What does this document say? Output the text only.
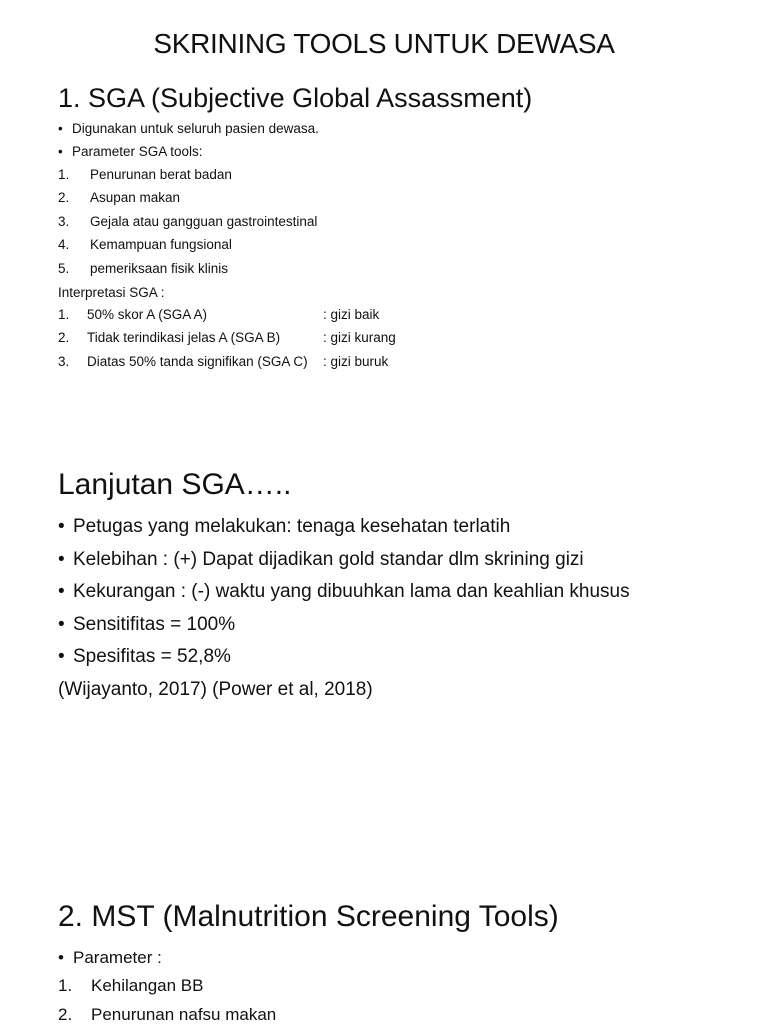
SKRINING TOOLS UNTUK DEWASA
1. SGA (Subjective Global Assassment)
• Digunakan untuk seluruh pasien dewasa.
• Parameter SGA tools:
1. Penurunan berat badan
2. Asupan makan
3. Gejala atau gangguan gastrointestinal
4. Kemampuan fungsional
5. pemeriksaan fisik klinis
Interpretasi SGA :
1. 50% skor A (SGA A)	: gizi baik
2. Tidak terindikasi jelas A (SGA B)	: gizi kurang
3. Diatas 50% tanda signifikan (SGA C) : gizi buruk
Lanjutan SGA…..
• Petugas yang melakukan: tenaga kesehatan terlatih
• Kelebihan : (+) Dapat dijadikan gold standar dlm skrining gizi
• Kekurangan : (-) waktu yang dibuuhkan lama dan keahlian khusus
• Sensitifitas = 100%
• Spesifitas = 52,8%
(Wijayanto, 2017) (Power et al, 2018)
2. MST (Malnutrition Screening Tools)
• Parameter :
1. Kehilangan BB
2. Penurunan nafsu makan
